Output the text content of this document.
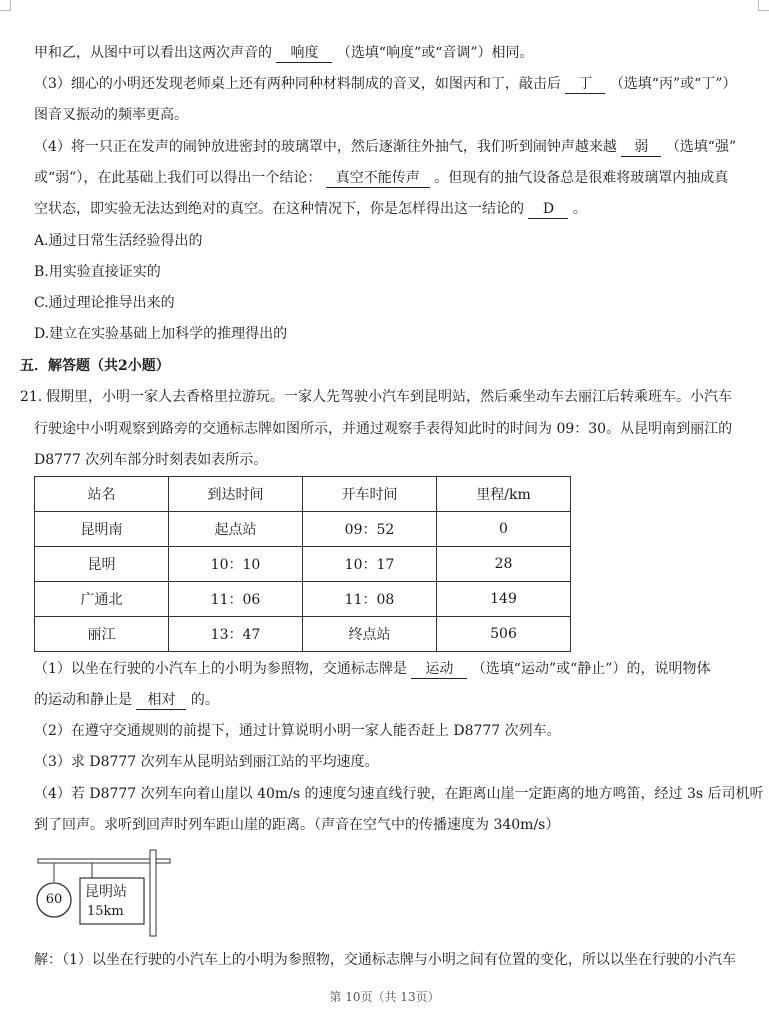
甲和乙，从图中可以看出这两次声音的 响度 （选填“响度”或“音调”）相同。
（3）细心的小明还发现老师桌上还有两种同种材料制成的音叉，如图丙和丁，敲击后 丁 （选填“丙”或“丁”）
图音叉振动的频率更高。
（4）将一只正在发声的闹钟放进密封的玻璃罩中，然后逐渐往外抽气，我们听到闹钟声越来越 弱 （选填“强”
或“弱”），在此基础上我们可以得出一个结论： 真空不能传声 。但现有的抽气设备总是很难将玻璃罩内抽成真
空状态，即实验无法达到绝对的真空。在这种情况下，你是怎样得出这一结论的 D 。
A.通过日常生活经验得出的
B.用实验直接证实的
C.通过理论推导出来的
D.建立在实验基础上加科学的推理得出的
五．解答题（共2小题）
21．
假期里，小明一家人去香格里拉游玩。一家人先驾驶小汽车到昆明站，然后乘坐动车去丽江后转乘班车。小汽车
行驶途中小明观察到路旁的交通标志牌如图所示，并通过观察手表得知此时的时间为 09：30。从昆明南到丽江的
D8777 次列车部分时刻表如表所示。
站名	到达时间	开车时间	里程/km
昆明南	起点站	09：52	0
昆明	10：10	10：17	28
广通北	11：06	11：08	149
丽江	13：47	终点站	506
（1）以坐在行驶的小汽车上的小明为参照物，交通标志牌是 运动 （选填“运动”或“静止”）的，说明物体
的运动和静止是 相对 的。
（2）在遵守交通规则的前提下，通过计算说明小明一家人能否赶上 D8777 次列车。
（3）求 D8777 次列车从昆明站到丽江站的平均速度。
（4）若 D8777 次列车向着山崖以 40m/s 的速度匀速直线行驶，在距离山崖一定距离的地方鸣笛，经过 3s 后司机听
到了回声。求听到回声时列车距山崖的距离。（声音在空气中的传播速度为 340m/s）
60 昆明站
15km
解：（1）以坐在行驶的小汽车上的小明为参照物，交通标志牌与小明之间有位置的变化，所以以坐在行驶的小汽车
第 10页（共 13页）
